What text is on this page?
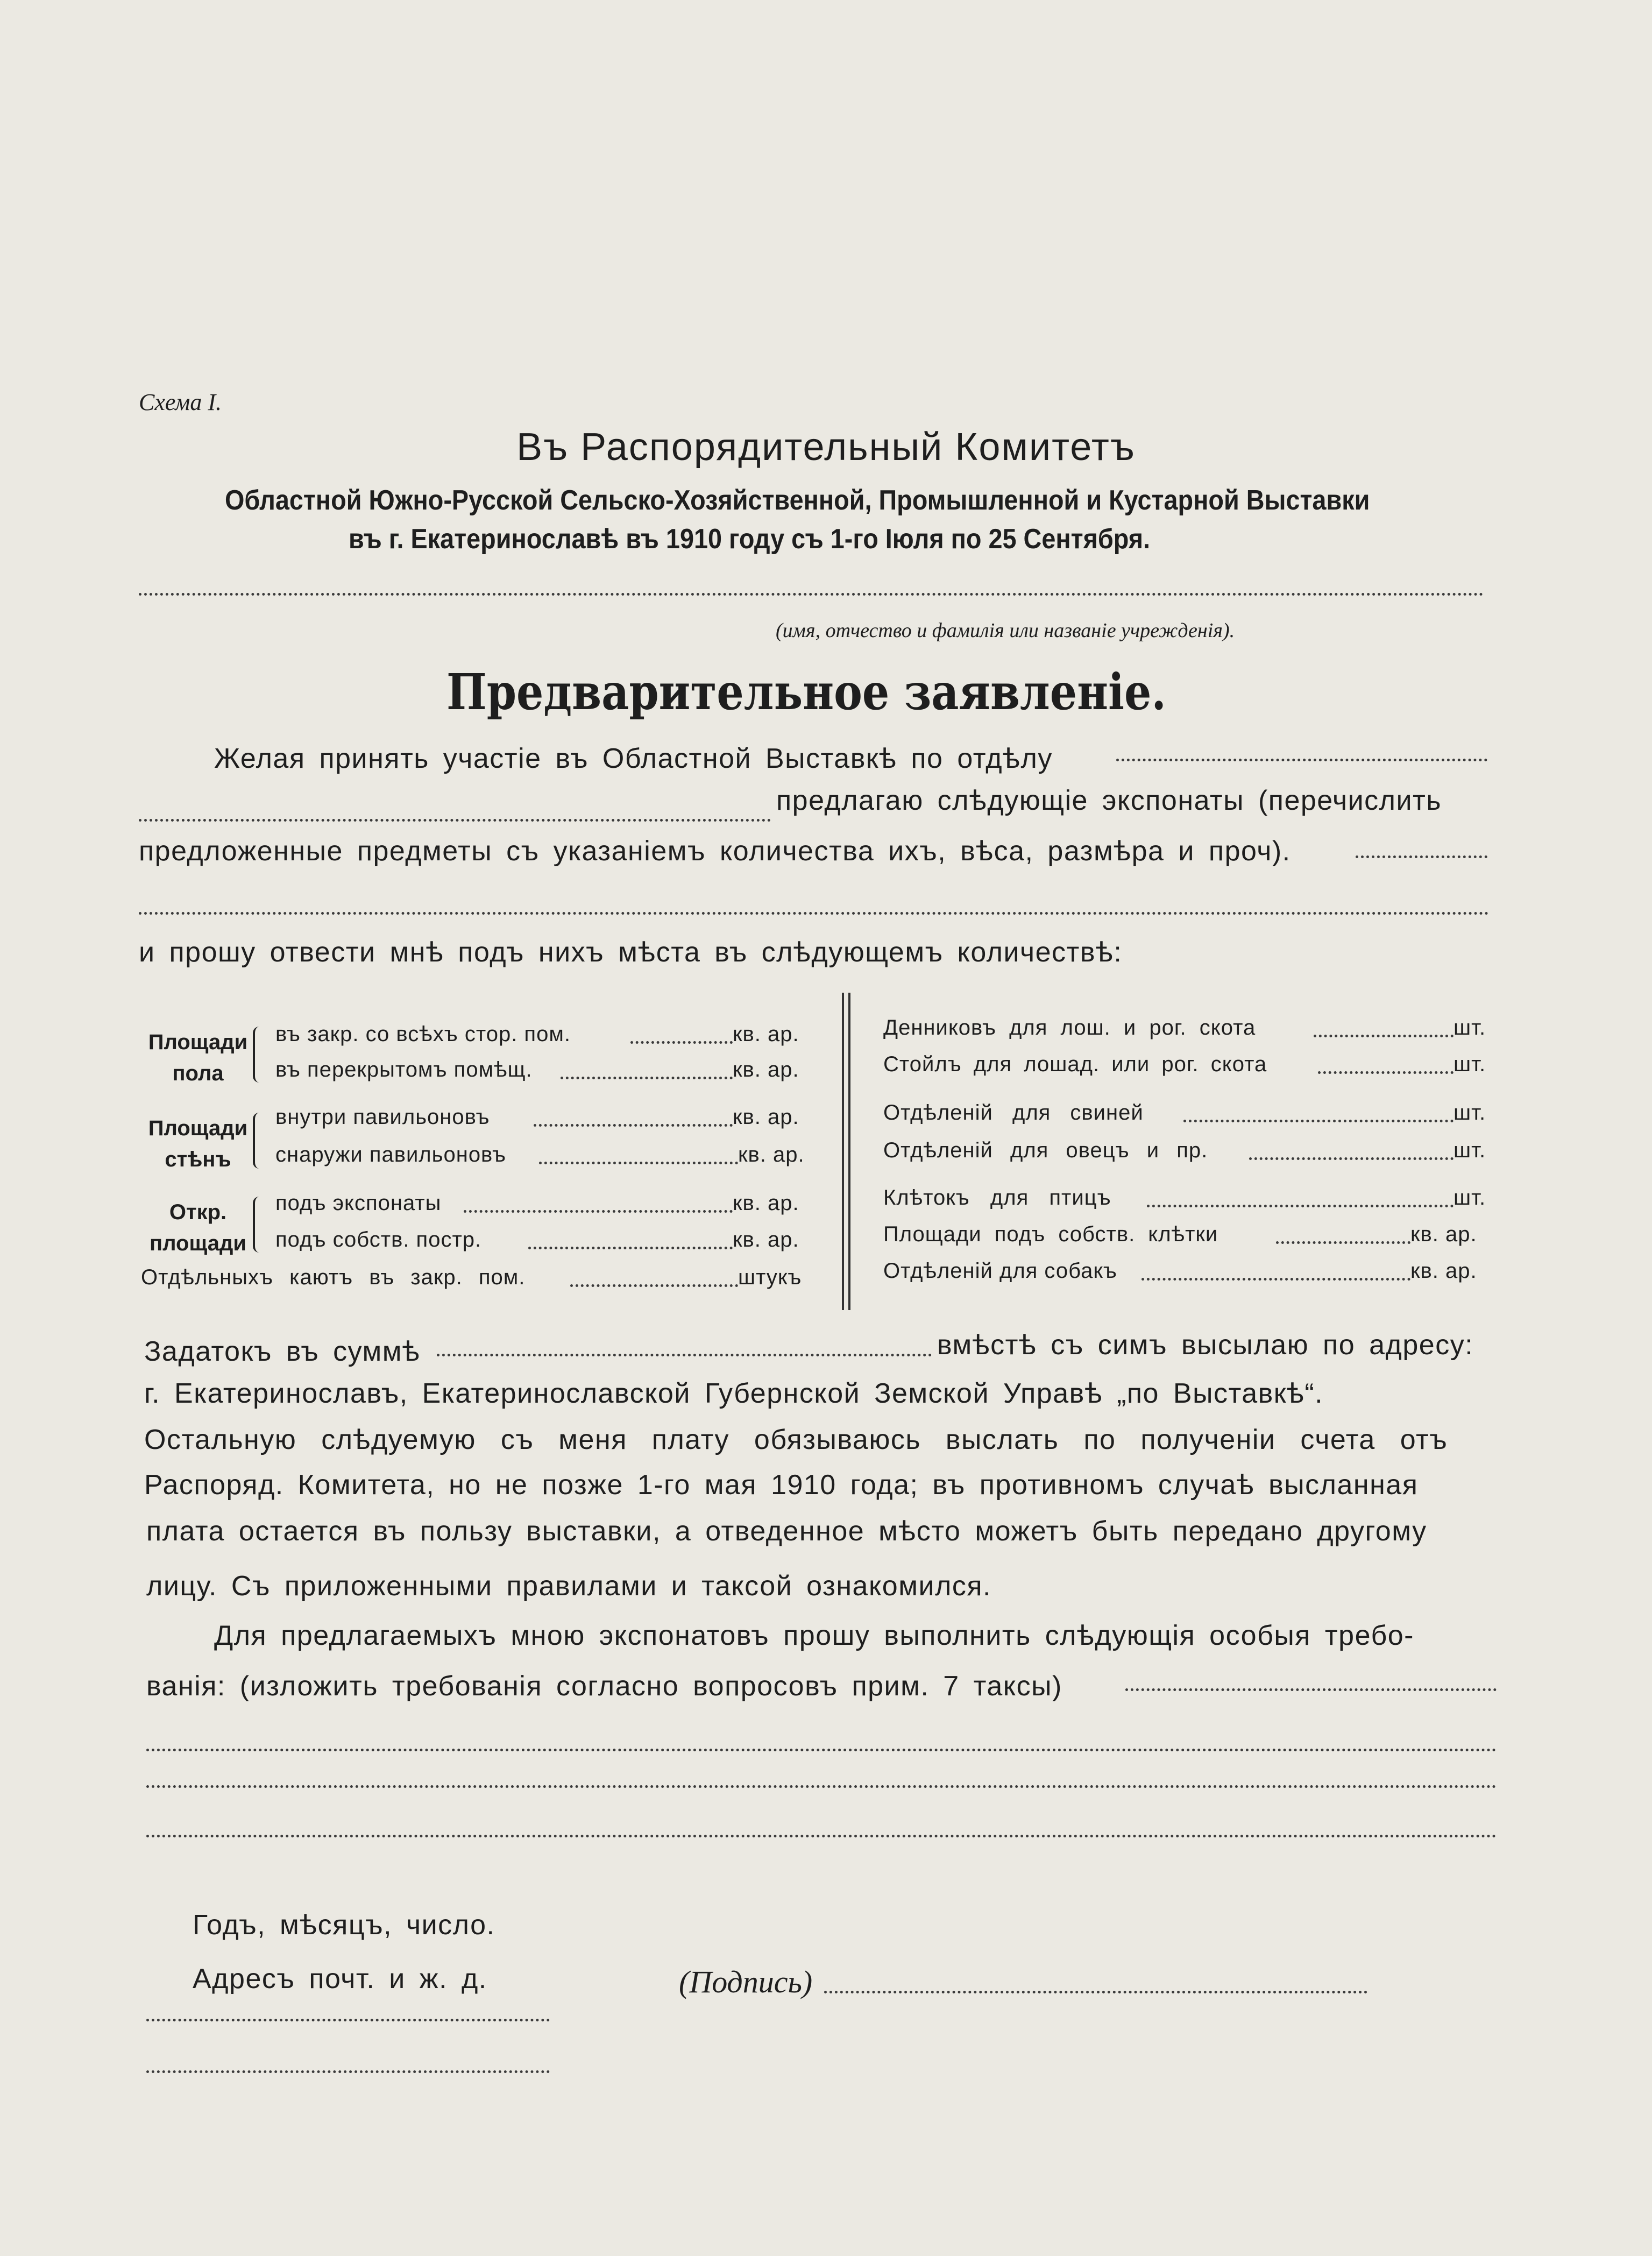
Схема I.
Въ Распорядительный Комитетъ
Областной Южно-Русской Сельско-Хозяйственной, Промышленной и Кустарной Выставки
въ г. Екатеринославѣ въ 1910 году съ 1-го Іюля по 25 Сентября.
(имя, отчество и фамилія или названіе учрежденія).
Предварительное заявленіе.
Желая принять участіе въ Областной Выставкѣ по отдѣлу
предлагаю слѣдующіе экспонаты (перечислить
предложенные предметы съ указаніемъ количества ихъ, вѣса, размѣра и проч).
и прошу отвести мнѣ подъ нихъ мѣста въ слѣдующемъ количествѣ:
Площади
пола
въ закр. со всѣхъ стор. пом.	кв. ар.
въ перекрытомъ помѣщ.	кв. ар.
Площади
стѣнъ
внутри павильоновъ	кв. ар.
снаружи павильоновъ	кв. ар.
Откр.
площади
подъ экспонаты	кв. ар.
подъ собств. постр.	кв. ар.
Отдѣльныхъ каютъ въ закр. пом.	штукъ
Денниковъ для лош. и рог. скота	шт.
Стойлъ для лошад. или рог. скота	шт.
Отдѣленій для свиней	шт.
Отдѣленій для овецъ и пр.	шт.
Клѣтокъ для птицъ	шт.
Площади подъ собств. клѣтки	кв. ар.
Отдѣленій для собакъ	кв. ар.
Задатокъ въ суммѣ	вмѣстѣ съ симъ высылаю по адресу:
г. Екатеринославъ, Екатеринославской Губернской Земской Управѣ „по Выставкѣ“.
Остальную слѣдуемую съ меня плату обязываюсь выслать по полученіи счета отъ
Распоряд. Комитета, но не позже 1-го мая 1910 года; въ противномъ случаѣ высланная
плата остается въ пользу выставки, а отведенное мѣсто можетъ быть передано другому
лицу. Съ приложенными правилами и таксой ознакомился.
Для предлагаемыхъ мною экспонатовъ прошу выполнить слѣдующія особыя требо-
ванія: (изложить требованія согласно вопросовъ прим. 7 таксы)
Годъ, мѣсяцъ, число.
Адресъ почт. и ж. д.	(Подпись)
